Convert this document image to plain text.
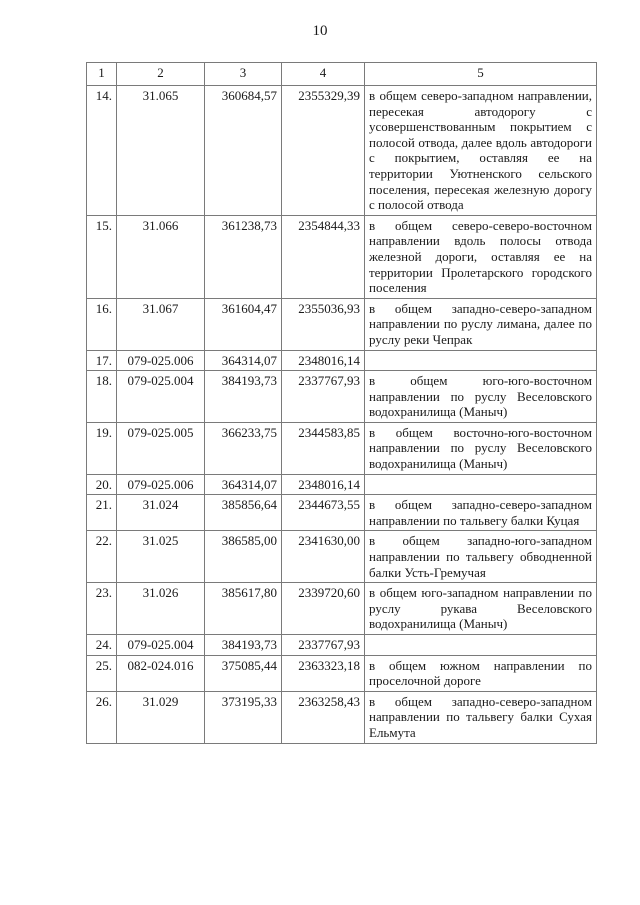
10
1	2	3	4	5
14.	31.065	360684,57	2355329,39	в общем северо-западном направлении, пересекая автодорогу с усовершенствованным покрытием с полосой отвода, далее вдоль автодороги с покрытием, оставляя ее на территории Уютненского сельского поселения, пересекая железную дорогу с полосой отвода
15.	31.066	361238,73	2354844,33	в общем северо-северо-восточном направлении вдоль полосы отвода железной дороги, оставляя ее на территории Пролетарского городского поселения
16.	31.067	361604,47	2355036,93	в общем западно-северо-западном направлении по руслу лимана, далее по руслу реки Чепрак
17.	079-025.006	364314,07	2348016,14	
18.	079-025.004	384193,73	2337767,93	в общем юго-юго-восточном направлении по руслу Веселовского водохранилища (Маныч)
19.	079-025.005	366233,75	2344583,85	в общем восточно-юго-восточном направлении по руслу Веселовского водохранилища (Маныч)
20.	079-025.006	364314,07	2348016,14	
21.	31.024	385856,64	2344673,55	в общем западно-северо-западном направлении по тальвегу балки Куцая
22.	31.025	386585,00	2341630,00	в общем западно-юго-западном направлении по тальвегу обводненной балки Усть-Гремучая
23.	31.026	385617,80	2339720,60	в общем юго-западном направлении по руслу рукава Веселовского водохранилища (Маныч)
24.	079-025.004	384193,73	2337767,93	
25.	082-024.016	375085,44	2363323,18	в общем южном направлении по проселочной дороге
26.	31.029	373195,33	2363258,43	в общем западно-северо-западном направлении по тальвегу балки Сухая Ельмута
